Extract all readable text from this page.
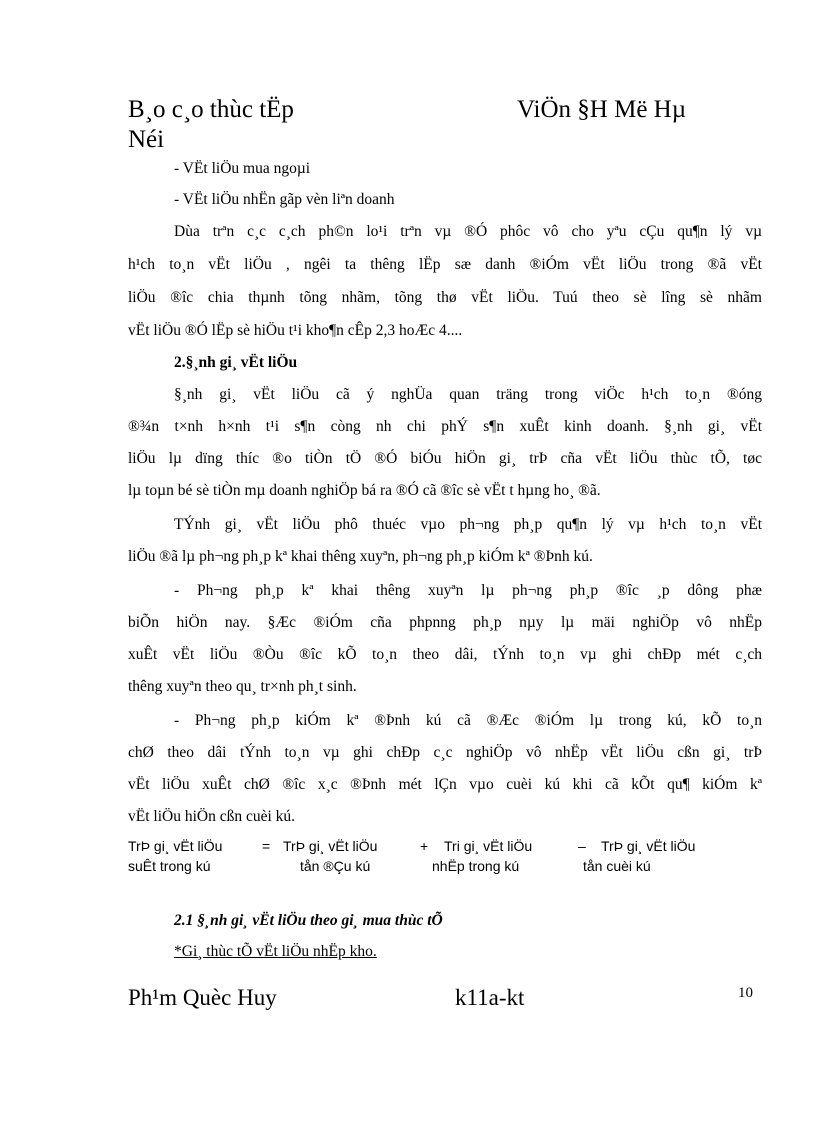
B¸o c¸o thùc tËp	ViÖn §H Më Hµ
Néi
- VËt liÖu mua ngoµi
- VËt liÖu nhËn gãp vèn liªn doanh
Dùa trªn c¸c c¸ch ph©n lo¹i trªn vµ ®Ó phôc vô cho yªu cÇu qu¶n lý vµ
h¹ch to¸n vËt liÖu , ngêi ta thêng lËp sæ danh ®iÓm vËt liÖu trong ®ã vËt
liÖu ®îc chia thµnh tõng nhãm, tõng thø vËt liÖu. Tuú theo sè lîng sè nhãm
vËt liÖu ®Ó lËp sè hiÖu t¹i kho¶n cÊp 2,3 hoÆc 4....
2.§¸nh gi¸ vËt liÖu
§¸nh gi¸ vËt liÖu cã ý nghÜa quan träng trong viÖc h¹ch to¸n ®óng
®¾n t×nh h×nh t¹i s¶n còng nh chi phÝ s¶n xuÊt kinh doanh. §¸nh gi¸ vËt
liÖu lµ dïng thíc ®o tiÒn tÖ ®Ó biÓu hiÖn gi¸ trÞ cña vËt liÖu thùc tÕ, tøc
lµ toµn bé sè tiÒn mµ doanh nghiÖp bá ra ®Ó cã ®îc sè vËt t hµng ho¸ ®ã.
TÝnh gi¸ vËt liÖu phô thuéc vµo ph¬ng ph¸p qu¶n lý vµ h¹ch to¸n vËt
liÖu ®ã lµ ph¬ng ph¸p kª khai thêng xuyªn, ph¬ng ph¸p kiÓm kª ®Þnh kú.
- Ph¬ng ph¸p kª khai thêng xuyªn lµ ph¬ng ph¸p ®îc ¸p dông phæ
biÕn hiÖn nay. §Æc ®iÓm cña phpnng ph¸p nµy lµ mäi nghiÖp vô nhËp
xuÊt vËt liÖu ®Òu ®îc kÕ to¸n theo dâi, tÝnh to¸n vµ ghi chÐp mét c¸ch
thêng xuyªn theo qu¸ tr×nh ph¸t sinh.
- Ph¬ng ph¸p kiÓm kª ®Þnh kú cã ®Æc ®iÓm lµ trong kú, kÕ to¸n
chØ theo dâi tÝnh to¸n vµ ghi chÐp c¸c nghiÖp vô nhËp vËt liÖu cßn gi¸ trÞ
vËt liÖu xuÊt chØ ®îc x¸c ®Þnh mét lÇn vµo cuèi kú khi cã kÕt qu¶ kiÓm kª
vËt liÖu hiÖn cßn cuèi kú.
TrÞ gi¸ vËt liÖu
suÊt trong kú
= TrÞ gi¸ vËt liÖu
tån ®Çu kú
+ Tri gi¸ vËt liÖu
nhËp trong kú
– TrÞ gi¸ vËt liÖu
tån cuèi kú
2.1 §¸nh gi¸ vËt liÖu theo gi¸ mua thùc tÕ
*Gi¸ thùc tÕ vËt liÖu nhËp kho.
Ph¹m Quèc Huy	k11a-kt	10
